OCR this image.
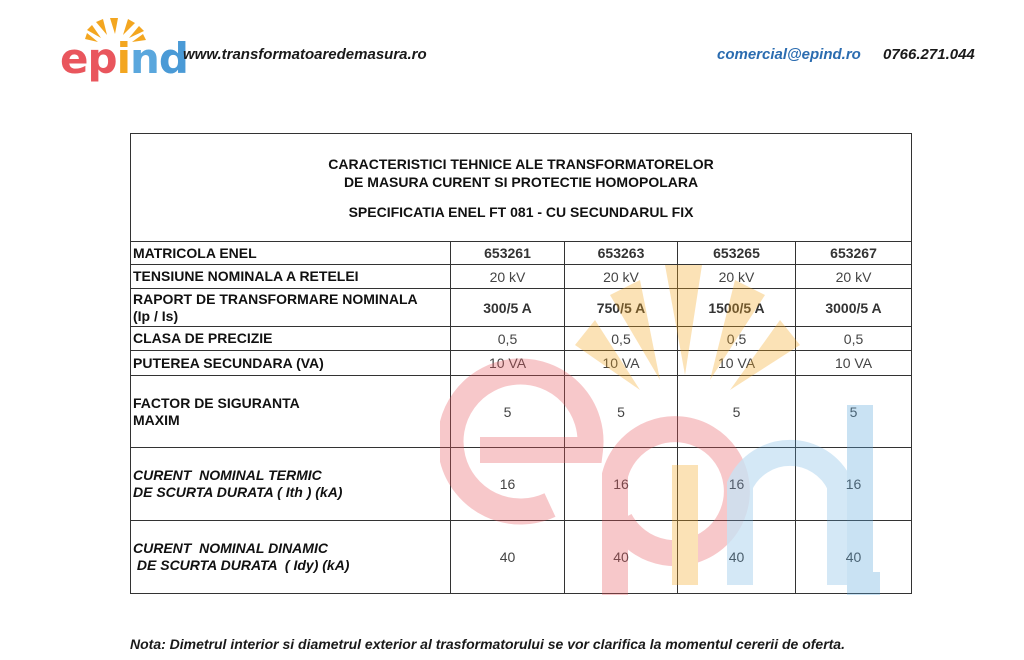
epind
www.transformatoaredemasura.ro	comercial@epind.ro 0766.271.044
CARACTERISTICI TEHNICE ALE TRANSFORMATORELOR
DE MASURA CURENT SI PROTECTIE HOMOPOLARA
SPECIFICATIA ENEL FT 081 - CU SECUNDARUL FIX				

MATRICOLA ENEL	653261	653263	653265	653267
TENSIUNE NOMINALA A RETELEI	20 kV	20 kV	20 kV	20 kV

RAPORT DE TRANSFORMARE NOMINALA
(Ip / Is)	300/5 A	750/5 A	1500/5 A	3000/5 A
CLASA DE PRECIZIE	0,5	0,5	0,5	0,5
PUTEREA SECUNDARA (VA)	10 VA	10 VA	10 VA	10 VA

FACTOR DE SIGURANTA
MAXIM	5	5	5	5

CURENT  NOMINAL TERMIC
DE SCURTA DURATA ( Ith ) (kA)	16	16	16	16

CURENT  NOMINAL DINAMIC
DE SCURTA DURATA  ( Idy) (kA)	40	40	40	40
Nota: Dimetrul interior si diametrul exterior al trasformatorului se vor clarifica la momentul cererii de oferta.
